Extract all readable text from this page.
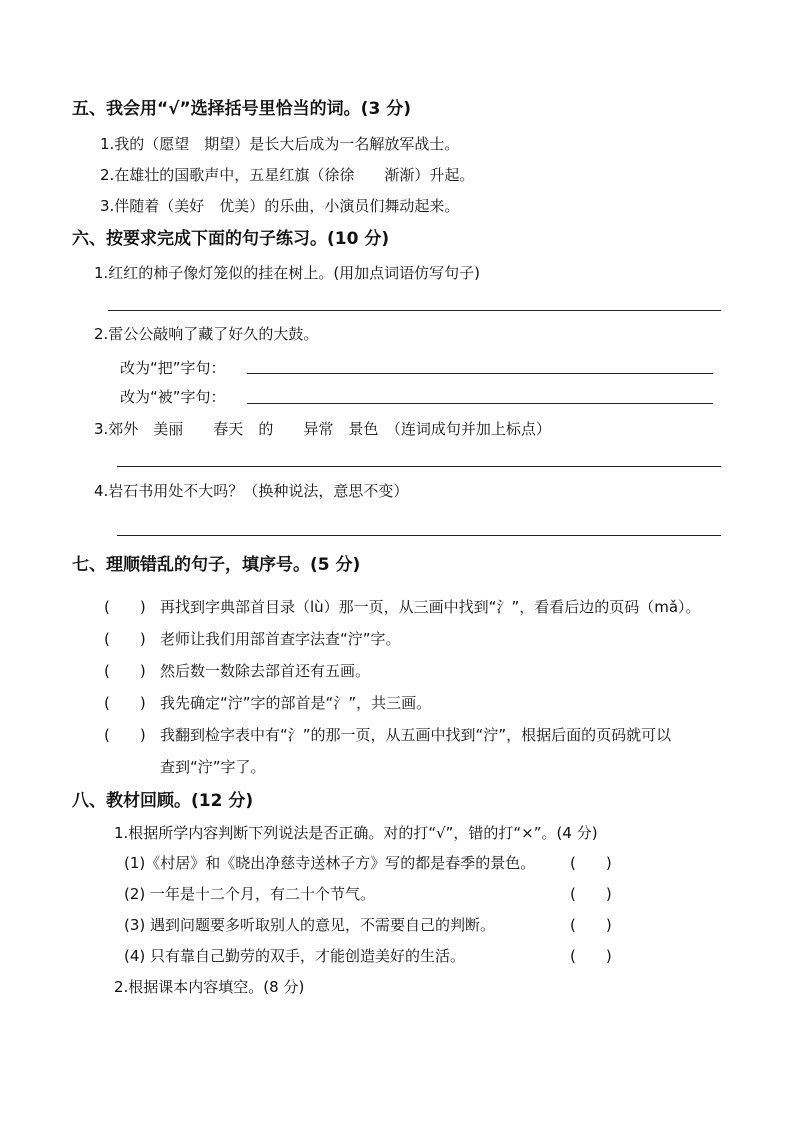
五、我会用“√”选择括号里恰当的词。(3 分)
1.我的（愿望　期望）是长大后成为一名解放军战士。
2.在雄壮的国歌声中，五星红旗（徐徐　　渐渐）升起。
3.伴随着（美好　优美）的乐曲，小演员们舞动起来。
六、按要求完成下面的句子练习。(10 分)
1.红红的柿子像灯笼似的挂在树上。(用加点词语仿写句子)
2.雷公公敲响了藏了好久的大鼓。
改为“把”字句：
改为“被”字句：
3.郊外　美丽　　春天　的　　异常　景色　（连词成句并加上标点）
4.岩石书用处不大吗？（换种说法，意思不变）
七、理顺错乱的句子，填序号。(5 分)
(　　) 再找到字典部首目录（lù）那一页，从三画中找到“氵”，看看后边的页码（mǎ）。
(　　) 老师让我们用部首查字法查“泞”字。
(　　) 然后数一数除去部首还有五画。
(　　) 我先确定“泞”字的部首是“氵”，共三画。
(　　) 我翻到检字表中有“氵”的那一页，从五画中找到“泞”，根据后面的页码就可以
查到“泞”字了。
八、教材回顾。(12 分)
1.根据所学内容判断下列说法是否正确。对的打“√”，错的打“×”。(4 分)
(1)《村居》和《晓出净慈寺送林子方》写的都是春季的景色。 (　　)
(2) 一年是十二个月，有二十个节气。	(　　)
(3) 遇到问题要多听取别人的意见，不需要自己的判断。	(　　)
(4) 只有靠自己勤劳的双手，才能创造美好的生活。	(　　)
2.根据课本内容填空。(8 分)
